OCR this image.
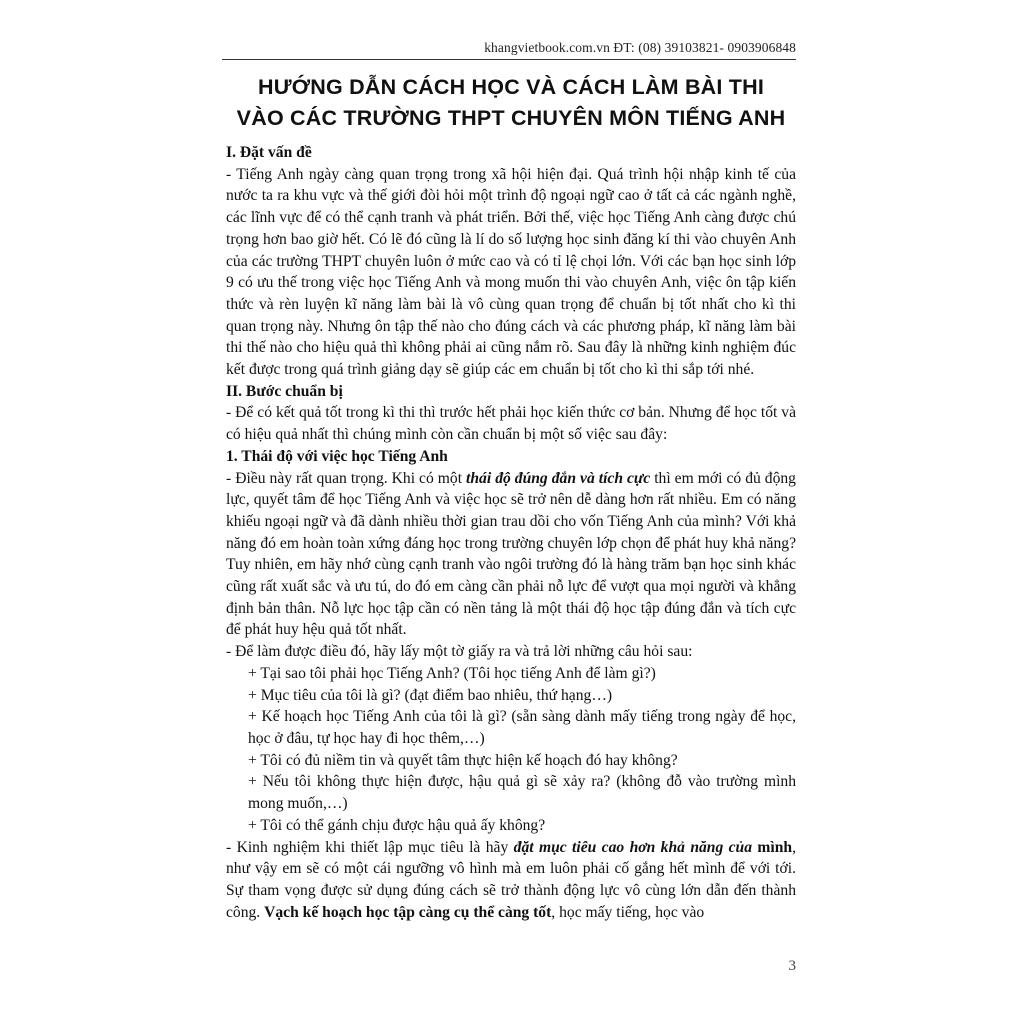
khangvietbook.com.vn ĐT: (08) 39103821- 0903906848
HƯỚNG DẪN CÁCH HỌC VÀ CÁCH LÀM BÀI THI
VÀO CÁC TRƯỜNG THPT CHUYÊN MÔN TIẾNG ANH

I. Đặt vấn đề

- Tiếng Anh ngày càng quan trọng trong xã hội hiện đại. Quá trình hội nhập kinh tế của nước ta ra khu vực và thế giới đòi hỏi một trình độ ngoại ngữ cao ở tất cả các ngành nghề, các lĩnh vực để có thể cạnh tranh và phát triển. Bởi thế, việc học Tiếng Anh càng được chú trọng hơn bao giờ hết. Có lẽ đó cũng là lí do số lượng học sinh đăng kí thi vào chuyên Anh của các trường THPT chuyên luôn ở mức cao và có tỉ lệ chọi lớn. Với các bạn học sinh lớp 9 có ưu thế trong việc học Tiếng Anh và mong muốn thi vào chuyên Anh, việc ôn tập kiến thức và rèn luyện kĩ năng làm bài là vô cùng quan trọng để chuẩn bị tốt nhất cho kì thi quan trọng này. Nhưng ôn tập thế nào cho đúng cách và các phương pháp, kĩ năng làm bài thi thế nào cho hiệu quả thì không phải ai cũng nắm rõ. Sau đây là những kinh nghiệm đúc kết được trong quá trình giảng dạy sẽ giúp các em chuẩn bị tốt cho kì thi sắp tới nhé.

II. Bước chuẩn bị

- Để có kết quả tốt trong kì thi thì trước hết phải học kiến thức cơ bản. Nhưng để học tốt và có hiệu quả nhất thì chúng mình còn cần chuẩn bị một số việc sau đây:

1. Thái độ với việc học Tiếng Anh

- Điều này rất quan trọng. Khi có một thái độ đúng đắn và tích cực thì em mới có đủ động lực, quyết tâm để học Tiếng Anh và việc học sẽ trở nên dễ dàng hơn rất nhiều. Em có năng khiếu ngoại ngữ và đã dành nhiều thời gian trau dồi cho vốn Tiếng Anh của mình? Với khả năng đó em hoàn toàn xứng đáng học trong trường chuyên lớp chọn để phát huy khả năng? Tuy nhiên, em hãy nhớ cùng cạnh tranh vào ngôi trường đó là hàng trăm bạn học sinh khác cũng rất xuất sắc và ưu tú, do đó em càng cần phải nỗ lực để vượt qua mọi người và khẳng định bản thân. Nỗ lực học tập cần có nền tảng là một thái độ học tập đúng đắn và tích cực để phát huy hệu quả tốt nhất.

- Để làm được điều đó, hãy lấy một tờ giấy ra và trả lời những câu hỏi sau:

+ Tại sao tôi phải học Tiếng Anh? (Tôi học tiếng Anh để làm gì?)

+ Mục tiêu của tôi là gì? (đạt điểm bao nhiêu, thứ hạng…)

+ Kế hoạch học Tiếng Anh của tôi là gì? (sẵn sàng dành mấy tiếng trong ngày để học, học ở đâu, tự học hay đi học thêm,…)

+ Tôi có đủ niềm tin và quyết tâm thực hiện kế hoạch đó hay không?

+ Nếu tôi không thực hiện được, hậu quả gì sẽ xảy ra? (không đỗ vào trường mình mong muốn,…)

+ Tôi có thể gánh chịu được hậu quả ấy không?

- Kinh nghiệm khi thiết lập mục tiêu là hãy đặt mục tiêu cao hơn khả năng của mình, như vậy em sẽ có một cái ngưỡng vô hình mà em luôn phải cố gắng hết mình để với tới. Sự tham vọng được sử dụng đúng cách sẽ trở thành động lực vô cùng lớn dẫn đến thành công. Vạch kế hoạch học tập càng cụ thể càng tốt, học mấy tiếng, học vào

3
